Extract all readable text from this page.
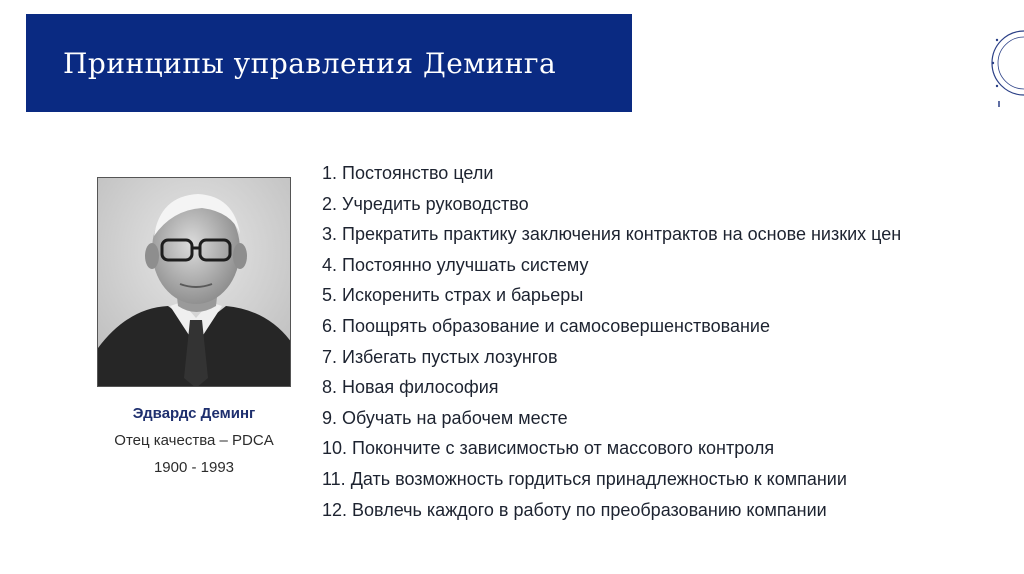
Принципы управления Деминга
Эдвардс Деминг
Отец качества – PDCA
1900 - 1993
1. Постоянство цели
2. Учредить руководство
3. Прекратить практику заключения контрактов на основе низких цен
4. Постоянно улучшать систему
5. Искоренить страх и барьеры
6. Поощрять образование и самосовершенствование
7. Избегать пустых лозунгов
8. Новая философия
9. Обучать на рабочем месте
10. Покончите с зависимостью от массового контроля
11. Дать возможность гордиться принадлежностью к компании
12. Вовлечь каждого в работу по преобразованию компании
